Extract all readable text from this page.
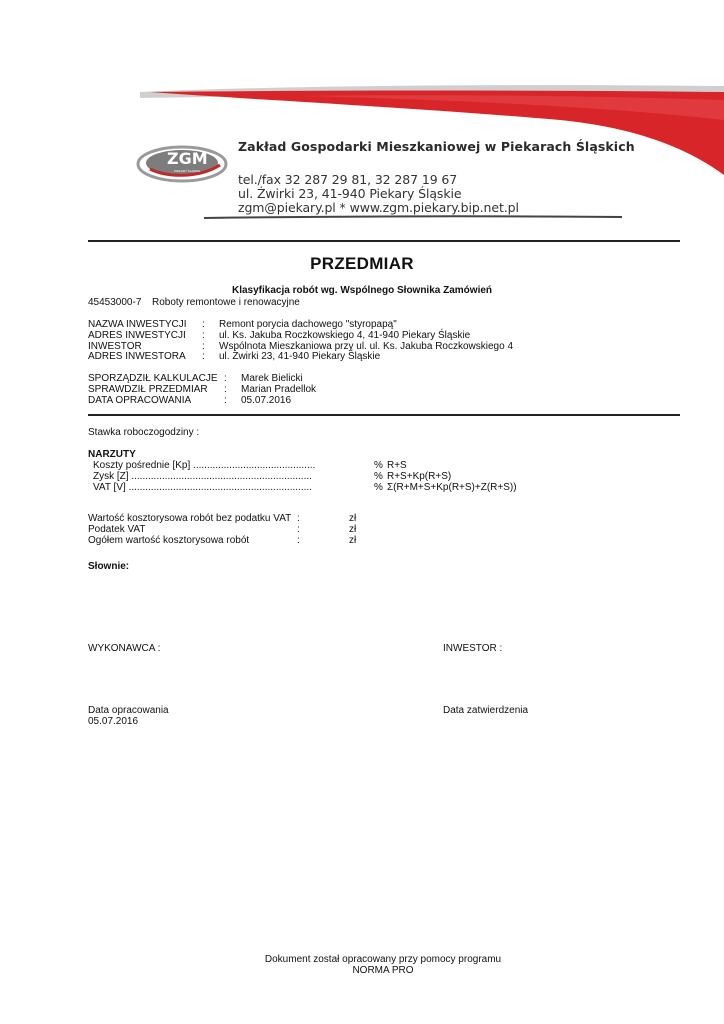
ZGM
PIEKARY ŚLĄSKIE
Zakład Gospodarki Mieszkaniowej w Piekarach Śląskich
tel./fax 32 287 29 81, 32 287 19 67
ul. Żwirki 23, 41-940 Piekary Śląskie
zgm@piekary.pl * www.zgm.piekary.bip.net.pl
PRZEDMIAR
Klasyfikacja robót wg. Wspólnego Słownika Zamówień
45453000-7 Roboty remontowe i renowacyjne
NAZWA INWESTYCJI : Remont porycia dachowego "styropapą"
ADRES INWESTYCJI : ul. Ks. Jakuba Roczkowskiego 4, 41-940 Piekary Śląskie
INWESTOR	: Wspólnota Mieszkaniowa przy ul. ul. Ks. Jakuba Roczkowskiego 4
ADRES INWESTORA : ul. Żwirki 23, 41-940 Piekary Śląskie
SPORZĄDZIŁ KALKULACJE : Marek Bielicki
SPRAWDZIŁ PRZEDMIAR : Marian Pradellok
DATA OPRACOWANIA	: 05.07.2016
Stawka roboczogodziny :
NARZUTY
Koszty pośrednie [Kp] ............................................	% R+S
Zysk [Z] .................................................................	% R+S+Kp(R+S)
VAT [V] ..................................................................	% Σ(R+M+S+Kp(R+S)+Z(R+S))
Wartość kosztorysowa robót bez podatku VAT :	zł
Podatek VAT	:	zł
Ogółem wartość kosztorysowa robót	:	zł
Słownie:
WYKONAWCA :	INWESTOR :
Data opracowania
05.07.2016
Data zatwierdzenia
Dokument został opracowany przy pomocy programu
NORMA PRO
